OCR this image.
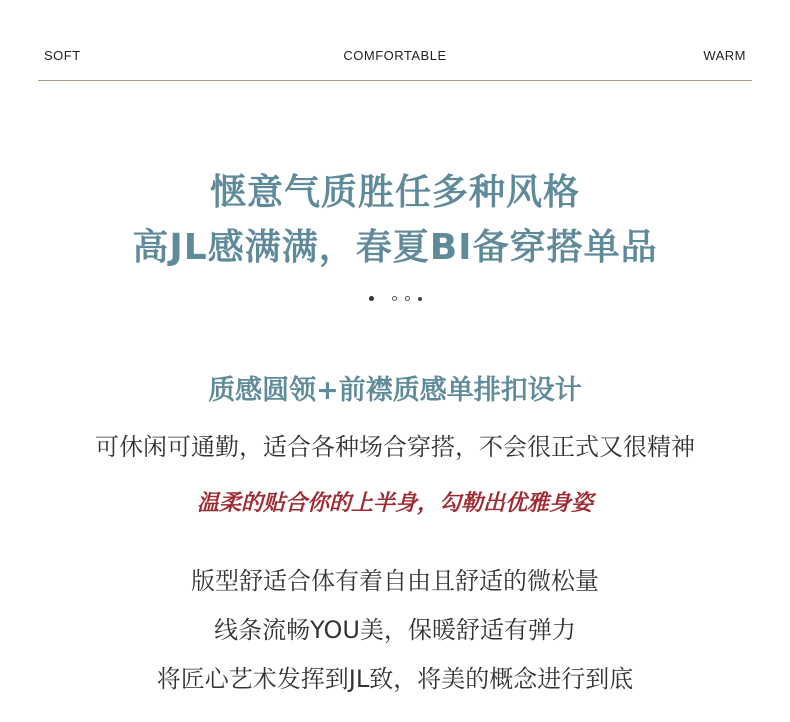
SOFT	COMFORTABLE	WARM
惬意气质胜任多种风格
高JL感满满，春夏BI备穿搭单品

质感圆领+前襟质感单排扣设计
可休闲可通勤，适合各种场合穿搭，不会很正式又很精神
温柔的贴合你的上半身，勾勒出优雅身姿
版型舒适合体有着自由且舒适的微松量
线条流畅YOU美，保暖舒适有弹力
将匠心艺术发挥到JL致，将美的概念进行到底
